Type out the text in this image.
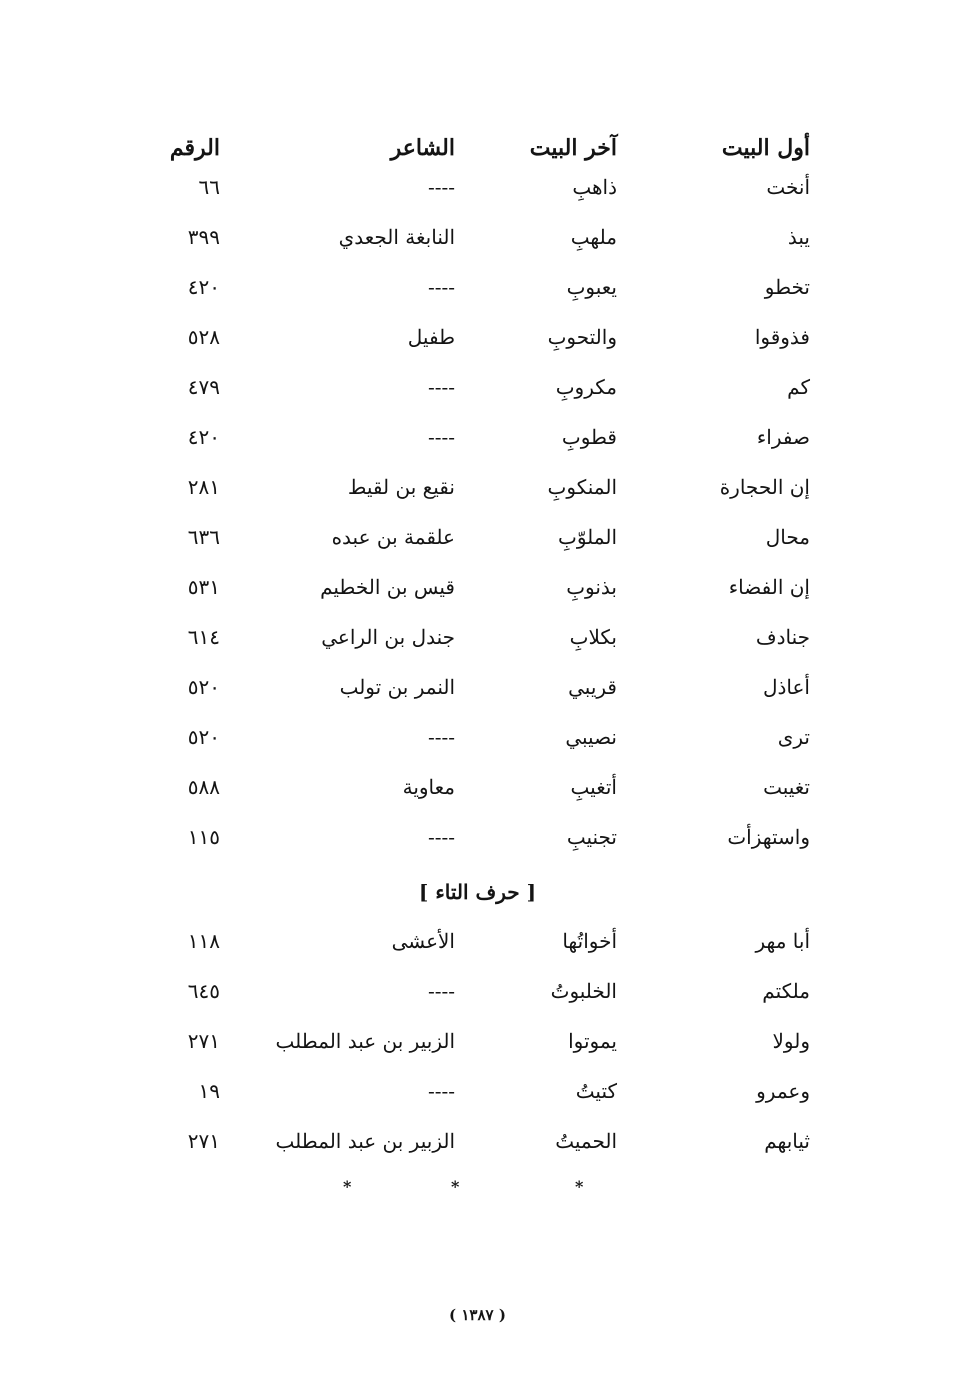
أول البيت
آخر البيت
الشاعر
الرقم
أنخت
ذاهبِ
----
٦٦
يبذ
ملهبِ
النابغة الجعدي
٣٩٩
تخطو
يعبوبِ
----
٤٢٠
فذوقوا
والتحوبِ
طفيل
٥٢٨
كم
مكروبِ
----
٤٧٩
صفراء
قطوبِ
----
٤٢٠
إن الحجارة
المنكوبِ
نقيع بن لقيط
٢٨١
محال
الملوّبِ
علقمة بن عبده
٦٣٦
إن الفضاء
بذنوبِ
قيس بن الخطيم
٥٣١
جنادف
بكلابِ
جندل بن الراعي
٦١٤
أعاذل
قريبي
النمر بن تولب
٥٢٠
ترى
نصيبي
----
٥٢٠
تغيبت
أتغيبِ
معاوية
٥٨٨
واستهزأت
تجنيبِ
----
١١٥
[ حرف التاء ]
أبا مهر
أخواتُها
الأعشى
١١٨
ملكتم
الخلبوتُ
----
٦٤٥
ولولا
يموتوا
الزبير بن عبد المطلب
٢٧١
وعمرو
كتيتُ
----
١٩
ثيابهم
الحميتُ
الزبير بن عبد المطلب
٢٧١
*	*	*
( ١٣٨٧ )
